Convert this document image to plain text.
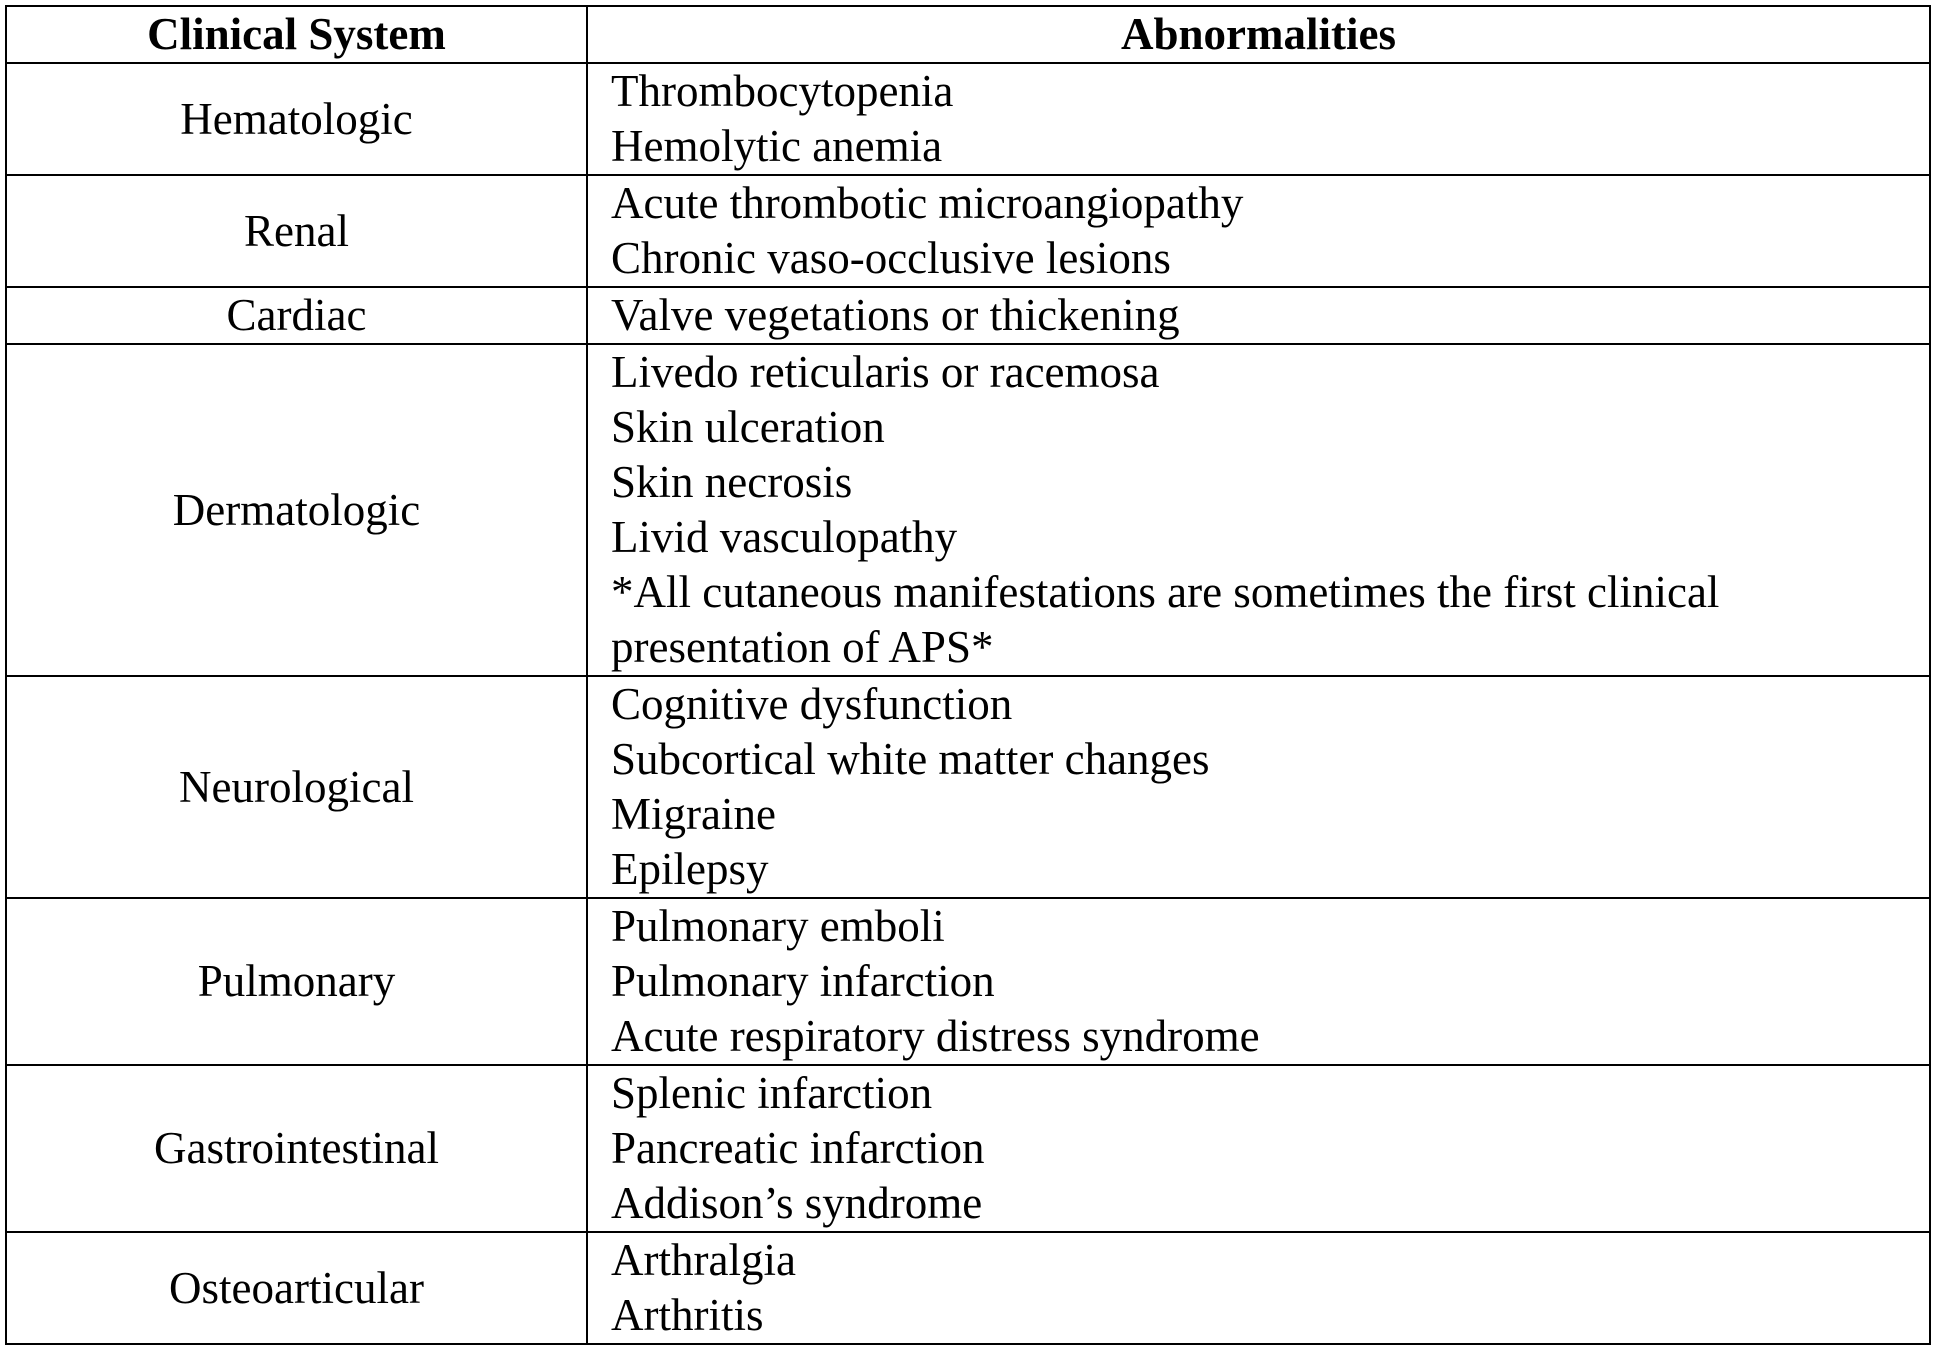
Clinical System	Abnormalities
Hematologic	Thrombocytopenia
Hemolytic anemia

Renal	Acute thrombotic microangiopathy
Chronic vaso-occlusive lesions

Cardiac	Valve vegetations or thickening

Dermatologic	Livedo reticularis or racemosa
Skin ulceration
Skin necrosis
Livid vasculopathy
*All cutaneous manifestations are sometimes the first clinical presentation of APS*

Neurological	Cognitive dysfunction
Subcortical white matter changes
Migraine
Epilepsy

Pulmonary	Pulmonary emboli
Pulmonary infarction
Acute respiratory distress syndrome

Gastrointestinal	Splenic infarction
Pancreatic infarction
Addison’s syndrome

Osteoarticular	Arthralgia
Arthritis
